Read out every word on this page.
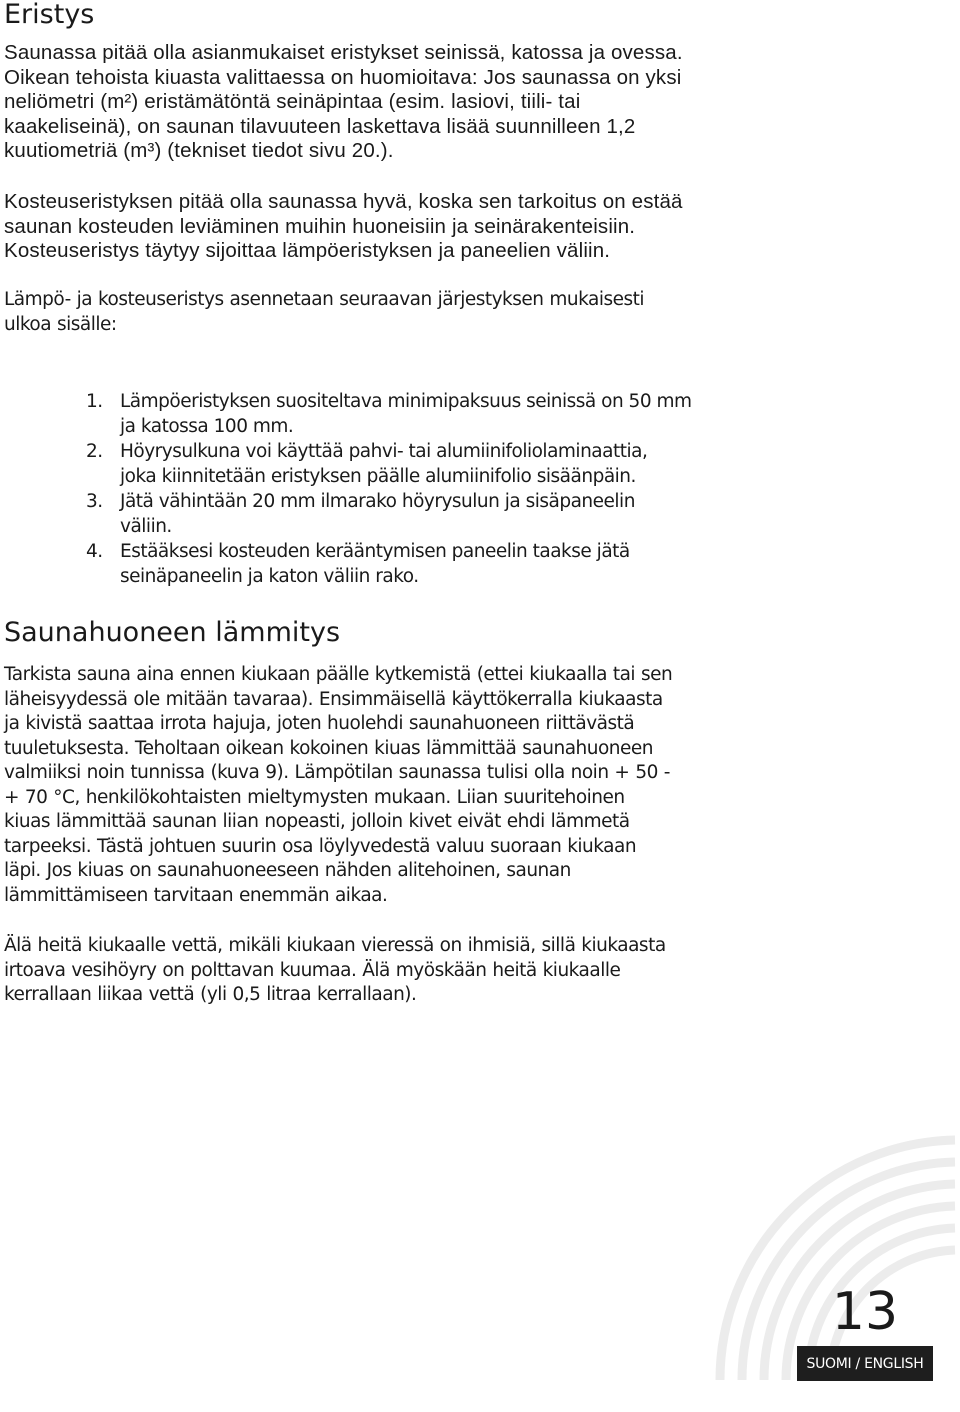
Eristys

Saunassa pitää olla asianmukaiset eristykset seinissä, katossa ja ovessa.
Oikean tehoista kiuasta valittaessa on huomioitava: Jos saunassa on yksi
neliömetri (m²) eristämätöntä seinäpintaa (esim. lasiovi, tiili- tai
kaakeliseinä), on saunan tilavuuteen laskettava lisää suunnilleen 1,2
kuutiometriä (m³) (tekniset tiedot sivu 20.).

Kosteuseristyksen pitää olla saunassa hyvä, koska sen tarkoitus on estää
saunan kosteuden leviäminen muihin huoneisiin ja seinärakenteisiin.
Kosteuseristys täytyy sijoittaa lämpöeristyksen ja paneelien väliin.

Lämpö- ja kosteuseristys asennetaan seuraavan järjestyksen mukaisesti
ulkoa sisälle:

1. Lämpöeristyksen suositeltava minimipaksuus seinissä on 50 mm
ja katossa 100 mm.
2. Höyrysulkuna voi käyttää pahvi- tai alumiinifoliolaminaattia,
joka kiinnitetään eristyksen päälle alumiinifolio sisäänpäin.
3. Jätä vähintään 20 mm ilmarako höyrysulun ja sisäpaneelin
väliin.
4. Estääksesi kosteuden kerääntymisen paneelin taakse jätä
seinäpaneelin ja katon väliin rako.
Saunahuoneen lämmitys

Tarkista sauna aina ennen kiukaan päälle kytkemistä (ettei kiukaalla tai sen
läheisyydessä ole mitään tavaraa). Ensimmäisellä käyttökerralla kiukaasta
ja kivistä saattaa irrota hajuja, joten huolehdi saunahuoneen riittävästä
tuuletuksesta. Teholtaan oikean kokoinen kiuas lämmittää saunahuoneen
valmiiksi noin tunnissa (kuva 9). Lämpötilan saunassa tulisi olla noin + 50 -
+ 70 °C, henkilökohtaisten mieltymysten mukaan. Liian suuritehoinen
kiuas lämmittää saunan liian nopeasti, jolloin kivet eivät ehdi lämmetä
tarpeeksi. Tästä johtuen suurin osa löylyvedestä valuu suoraan kiukaan
läpi. Jos kiuas on saunahuoneeseen nähden alitehoinen, saunan
lämmittämiseen tarvitaan enemmän aikaa.

Älä heitä kiukaalle vettä, mikäli kiukaan vieressä on ihmisiä, sillä kiukaasta
irtoava vesihöyry on polttavan kuumaa. Älä myöskään heitä kiukaalle
kerrallaan liikaa vettä (yli 0,5 litraa kerrallaan).

13
SUOMI / ENGLISH
